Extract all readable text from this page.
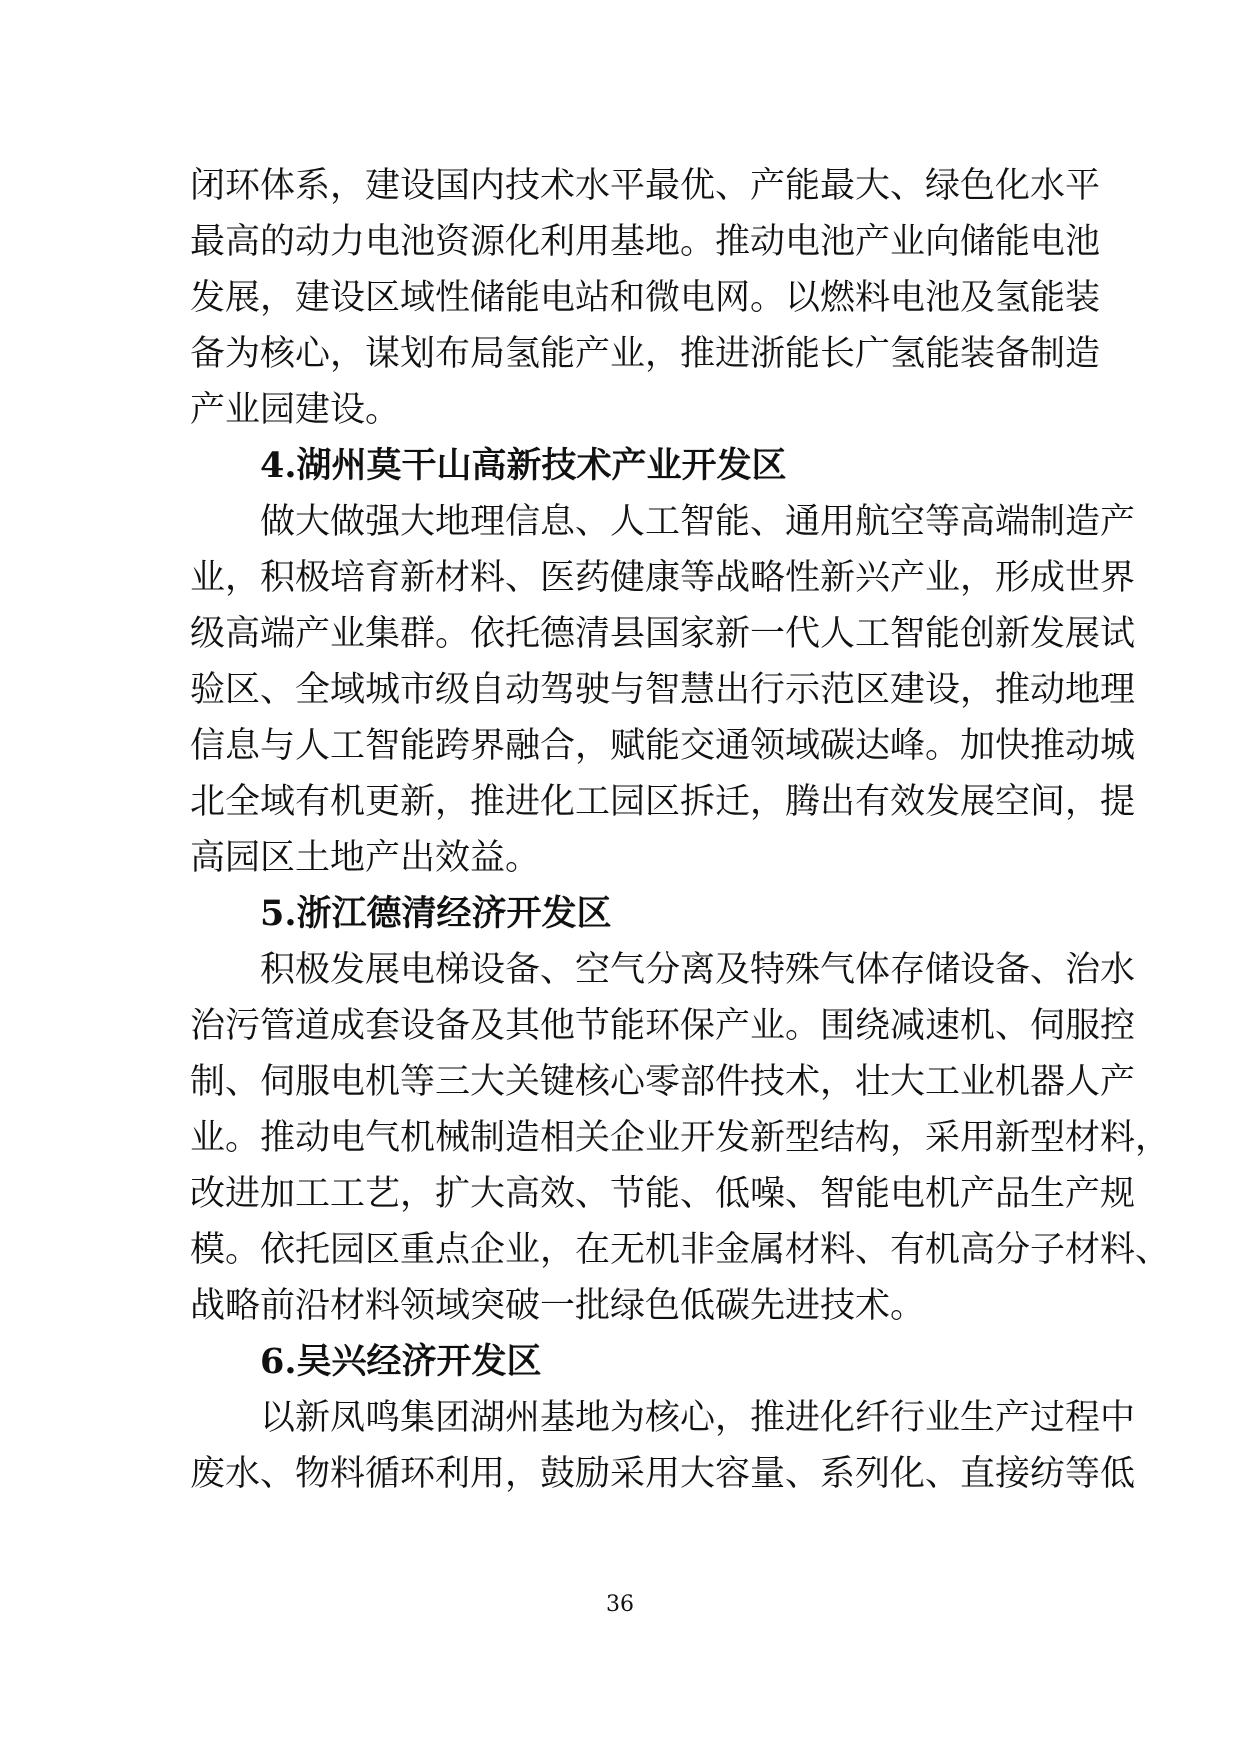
闭环体系，建设国内技术水平最优、产能最大、绿色化水平
最高的动力电池资源化利用基地。推动电池产业向储能电池
发展，建设区域性储能电站和微电网。以燃料电池及氢能装
备为核心，谋划布局氢能产业，推进浙能长广氢能装备制造
产业园建设。
4.湖州莫干山高新技术产业开发区
做大做强大地理信息、人工智能、通用航空等高端制造产
业，积极培育新材料、医药健康等战略性新兴产业，形成世界
级高端产业集群。依托德清县国家新一代人工智能创新发展试
验区、全域城市级自动驾驶与智慧出行示范区建设，推动地理
信息与人工智能跨界融合，赋能交通领域碳达峰。加快推动城
北全域有机更新，推进化工园区拆迁，腾出有效发展空间，提
高园区土地产出效益。
5.浙江德清经济开发区
积极发展电梯设备、空气分离及特殊气体存储设备、治水
治污管道成套设备及其他节能环保产业。围绕减速机、伺服控
制、伺服电机等三大关键核心零部件技术，壮大工业机器人产
业。推动电气机械制造相关企业开发新型结构，采用新型材料，
改进加工工艺，扩大高效、节能、低噪、智能电机产品生产规
模。依托园区重点企业，在无机非金属材料、有机高分子材料、
战略前沿材料领域突破一批绿色低碳先进技术。
6.吴兴经济开发区
以新凤鸣集团湖州基地为核心，推进化纤行业生产过程中
废水、物料循环利用，鼓励采用大容量、系列化、直接纺等低
36
